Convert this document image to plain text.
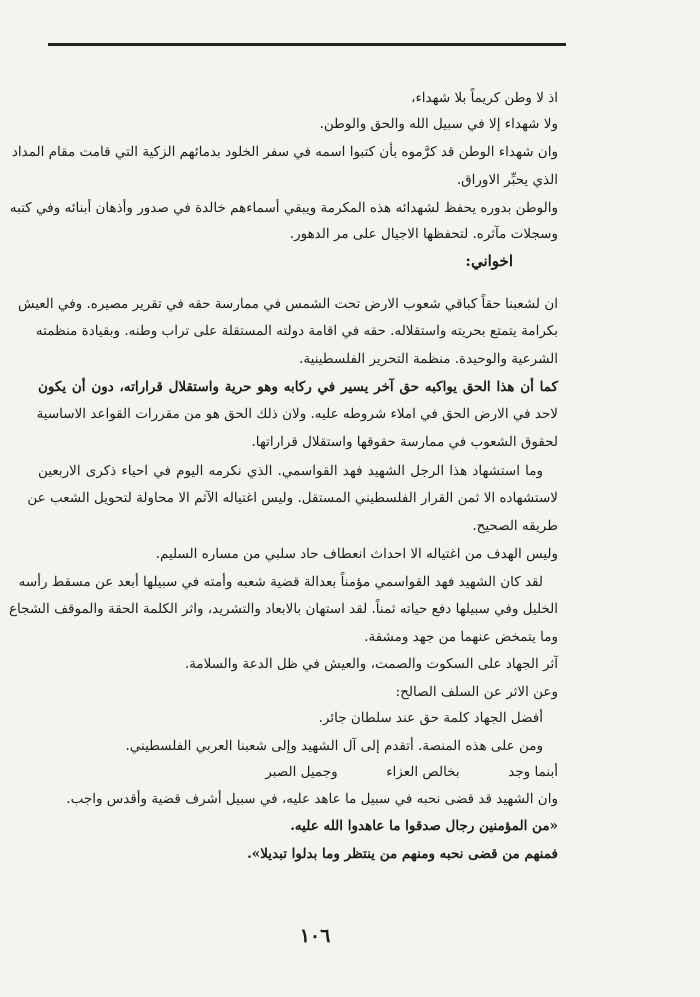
اذ لا وطن كريماً بلا شهداء،
ولا شهداء إلا في سبيل الله والحق والوطن.
وان شهداء الوطن قد كرَّموه بأن كتبوا اسمه في سفر الخلود بدمائهم الزكية التي قامت مقام المداد
الذي يحبِّر الاوراق.
والوطن بدوره يحفظ لشهدائه هذه المكرمة ويبقي أسماءهم خالدة في صدور وأذهان أبنائه وفي كتبه
وسجلات مآثره. لتحفظها الاجيال على مر الدهور.
اخواني:
ان لشعبنا حقاً كباقي شعوب الارض تحت الشمس في ممارسة حقه في تقرير مصيره. وفي العيش
بكرامة يتمتع بحريته واستقلاله. حقه في اقامة دولته المستقلة على تراب وطنه. وبقيادة منظمته
الشرعية والوحيدة. منظمة التحرير الفلسطينية.
كما أن هذا الحق يواكبه حق آخر يسير في ركابه وهو حرية واستقلال قراراته، دون أن يكون
لاحد في الارض الحق في املاء شروطه عليه. ولان ذلك الحق هو من مقررات القواعد الاساسية
لحقوق الشعوب في ممارسة حقوقها واستقلال قراراتها.
وما استشهاد هذا الرجل الشهيد فهد القواسمي. الذي نكرمه اليوم في احياء ذكرى الاربعين
لاستشهاده الا ثمن القرار الفلسطيني المستقل. وليس اغتياله الآثم الا محاولة لتحويل الشعب عن
طريقه الصحيح.
وليس الهدف من اغتياله الا احداث انعطاف حاد سلبي من مساره السليم.
لقد كان الشهيد فهد القواسمي مؤمناً بعدالة قضية شعبه وأمته في سبيلها أبعد عن مسقط رأسه
الخليل وفي سبيلها دفع حياته ثمناً. لقد استهان بالابعاد والتشريد، واثر الكلمة الحقة والموقف الشجاع
وما يتمخض عنهما من جهد ومشقة.
آثر الجهاد على السكوت والصمت، والعيش في ظل الدعة والسلامة.
وعن الاثر عن السلف الصالح:
أفضل الجهاد كلمة حق عند سلطان جائر.
ومن على هذه المنصة. أتقدم إلى آل الشهيد وإلى شعبنا العربي الفلسطيني.
أبنما وجد  بخالص العزاء  وجميل الصبر
وان الشهيد قد قضى نحبه في سبيل ما عاهد عليه، في سبيل أشرف قضية وأقدس واجب.
«من المؤمنين رجال صدقوا ما عاهدوا الله عليه.
فمنهم من قضى نحبه ومنهم من ينتظر وما بدلوا تبديلا».
١٠٦
